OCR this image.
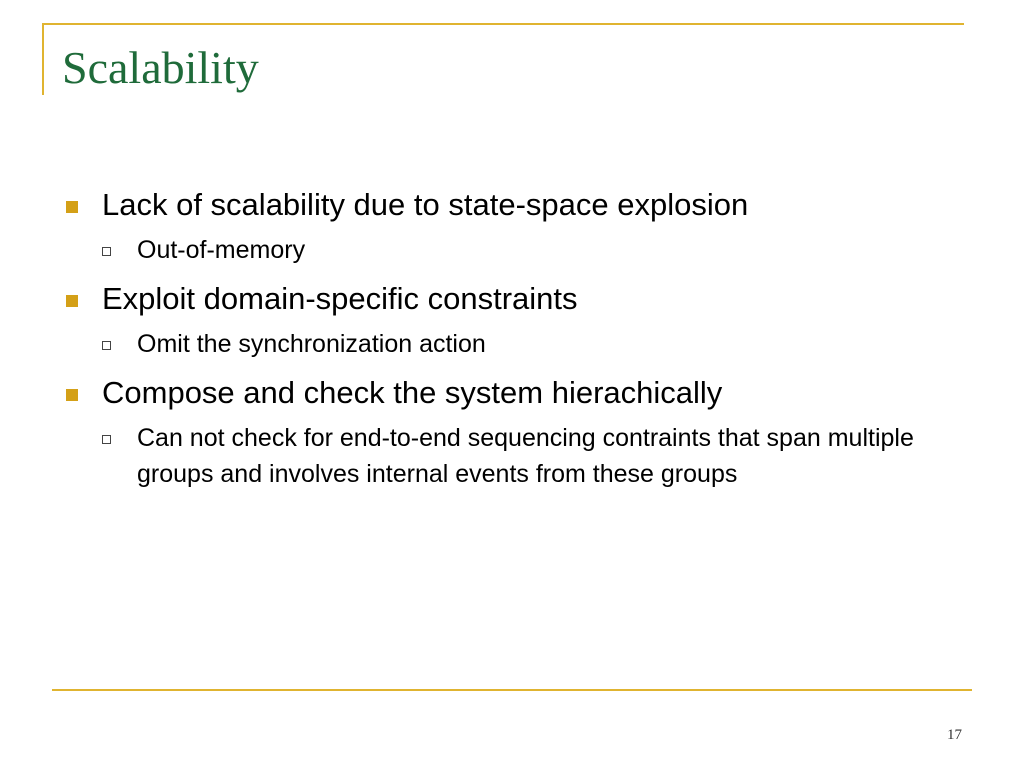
Scalability
Lack of scalability due to state-space explosion
Out-of-memory
Exploit domain-specific constraints
Omit the synchronization action
Compose and check the system hierachically
Can not check for end-to-end sequencing contraints that span multiple groups and involves internal events from these groups
17
